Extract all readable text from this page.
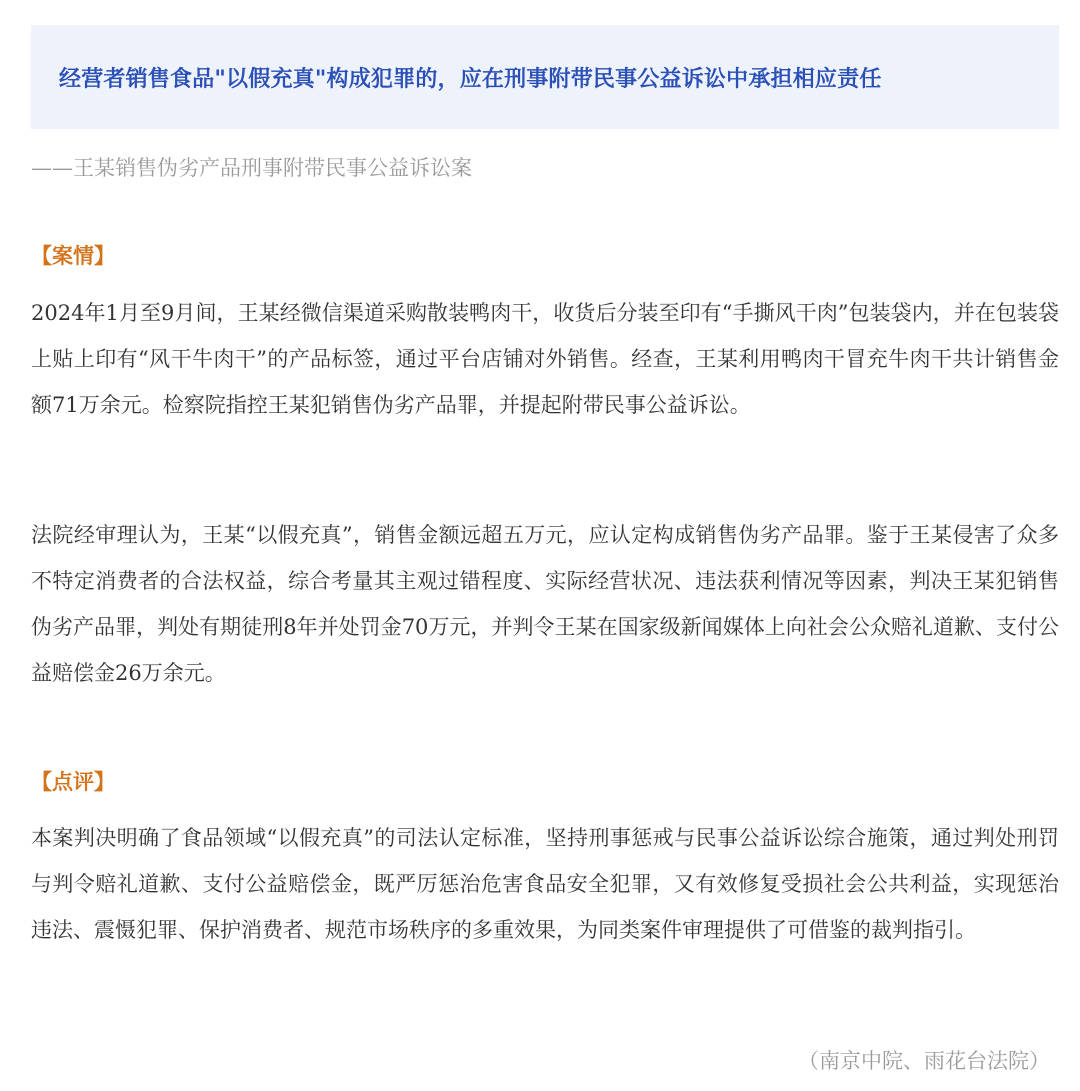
经营者销售食品"以假充真"构成犯罪的，应在刑事附带民事公益诉讼中承担相应责任
——王某销售伪劣产品刑事附带民事公益诉讼案
【案情】

2024年1月至9月间，王某经微信渠道采购散装鸭肉干，收货后分装至印有“手撕风干肉”包装袋内，并在包装袋上贴上印有“风干牛肉干”的产品标签，通过平台店铺对外销售。经查，王某利用鸭肉干冒充牛肉干共计销售金额71万余元。检察院指控王某犯销售伪劣产品罪，并提起附带民事公益诉讼。

法院经审理认为，王某“以假充真”，销售金额远超五万元，应认定构成销售伪劣产品罪。鉴于王某侵害了众多不特定消费者的合法权益，综合考量其主观过错程度、实际经营状况、违法获利情况等因素，判决王某犯销售伪劣产品罪，判处有期徒刑8年并处罚金70万元，并判令王某在国家级新闻媒体上向社会公众赔礼道歉、支付公益赔偿金26万余元。

【点评】

本案判决明确了食品领域“以假充真”的司法认定标准，坚持刑事惩戒与民事公益诉讼综合施策，通过判处刑罚与判令赔礼道歉、支付公益赔偿金，既严厉惩治危害食品安全犯罪，又有效修复受损社会公共利益，实现惩治违法、震慑犯罪、保护消费者、规范市场秩序的多重效果，为同类案件审理提供了可借鉴的裁判指引。

（南京中院、雨花台法院）
